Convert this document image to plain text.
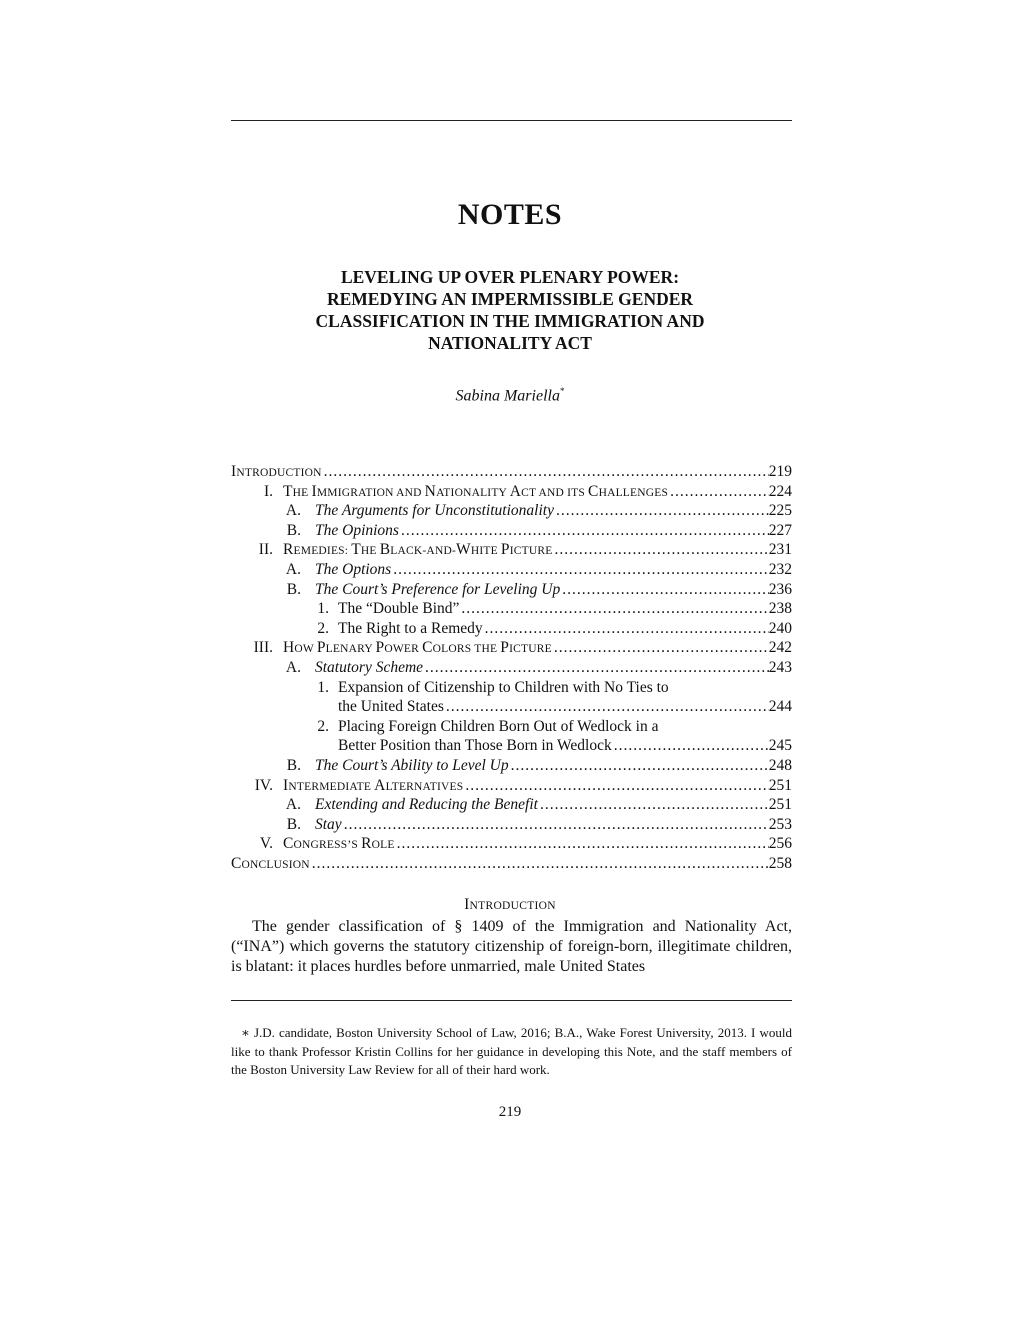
NOTES
LEVELING UP OVER PLENARY POWER:
REMEDYING AN IMPERMISSIBLE GENDER
CLASSIFICATION IN THE IMMIGRATION AND
NATIONALITY ACT
Sabina Mariella*
INTRODUCTION .....	219
I. THE IMMIGRATION AND NATIONALITY ACT AND ITS CHALLENGES .....	224
A. The Arguments for Unconstitutionality .....	225
B. The Opinions .....	227
II. REMEDIES: THE BLACK-AND-WHITE PICTURE .....	231
A. The Options .....	232
B. The Court’s Preference for Leveling Up .....	236
1. The “Double Bind” .....	238
2. The Right to a Remedy .....	240
III. HOW PLENARY POWER COLORS THE PICTURE .....	242
A. Statutory Scheme .....	243
1. Expansion of Citizenship to Children with No Ties to
the United States .....	244
2. Placing Foreign Children Born Out of Wedlock in a
Better Position than Those Born in Wedlock .....	245
B. The Court’s Ability to Level Up .....	248
IV. INTERMEDIATE ALTERNATIVES .....	251
A. Extending and Reducing the Benefit .....	251
B. Stay .....	253
V. CONGRESS’S ROLE .....	256
CONCLUSION .....	258
INTRODUCTION
The gender classification of § 1409 of the Immigration and Nationality Act, (“INA”) which governs the statutory citizenship of foreign-born, illegitimate children, is blatant: it places hurdles before unmarried, male United States
∗ J.D. candidate, Boston University School of Law, 2016; B.A., Wake Forest University, 2013. I would like to thank Professor Kristin Collins for her guidance in developing this Note, and the staff members of the Boston University Law Review for all of their hard work.
219
